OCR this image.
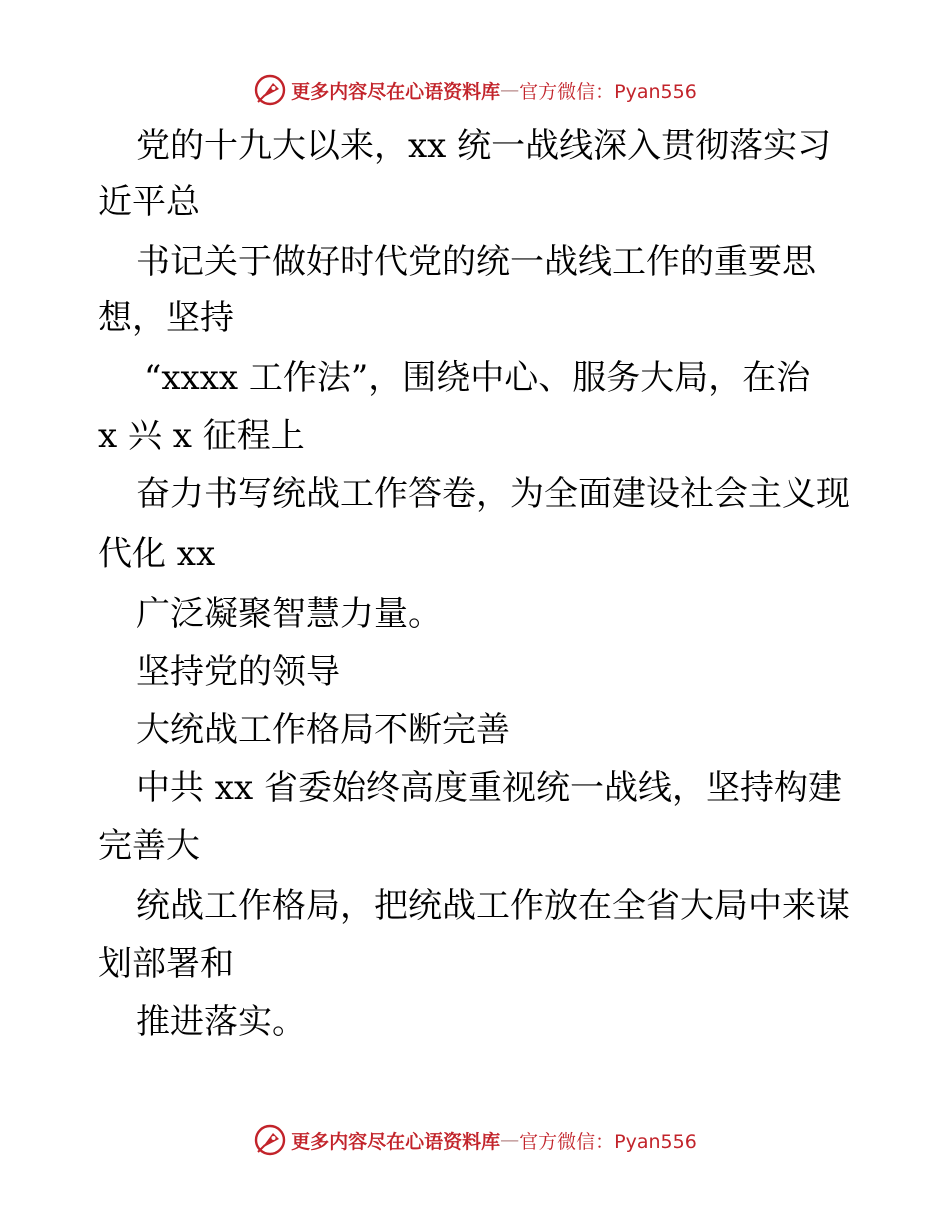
更多内容尽在心语资料库 — 官方微信：Pyan556
党的十九大以来，xx 统一战线深入贯彻落实习
近平总
书记关于做好时代党的统一战线工作的重要思
想，坚持
“xxxx 工作法”，围绕中心、服务大局，在治
x 兴 x 征程上
奋力书写统战工作答卷，为全面建设社会主义现
代化 xx
广泛凝聚智慧力量。
坚持党的领导
大统战工作格局不断完善
中共 xx 省委始终高度重视统一战线，坚持构建
完善大
统战工作格局，把统战工作放在全省大局中来谋
划部署和
推进落实。
更多内容尽在心语资料库 — 官方微信：Pyan556
